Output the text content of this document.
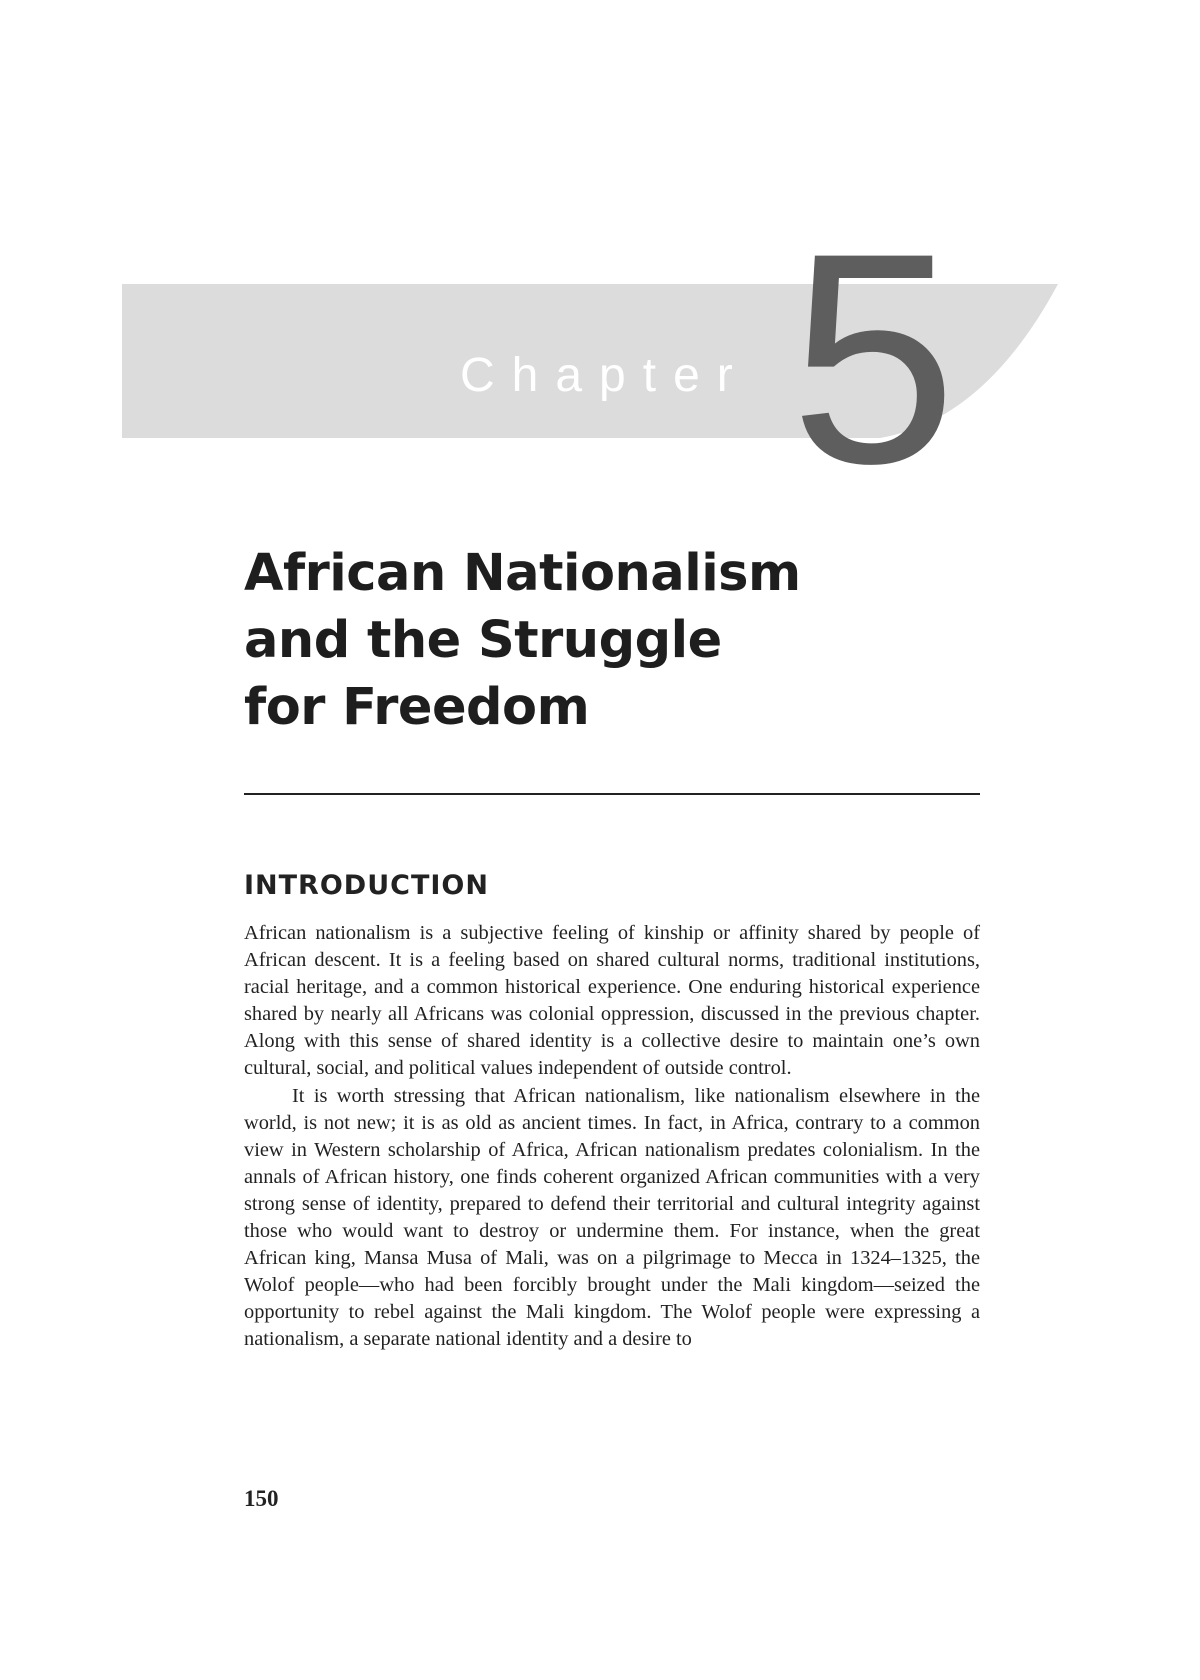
Chapter 5
African Nationalism
and the Struggle
for Freedom
INTRODUCTION

African nationalism is a subjective feeling of kinship or affinity shared by people of African descent. It is a feeling based on shared cultural norms, traditional institutions, racial heritage, and a common historical experience. One enduring historical experience shared by nearly all Africans was colonial oppression, discussed in the previous chapter. Along with this sense of shared identity is a collective desire to maintain one’s own cultural, social, and political values independent of outside control.

It is worth stressing that African nationalism, like nationalism elsewhere in the world, is not new; it is as old as ancient times. In fact, in Africa, contrary to a common view in Western scholarship of Africa, African nationalism predates colonialism. In the annals of African history, one finds coherent organized African communities with a very strong sense of identity, prepared to defend their territorial and cultural integrity against those who would want to destroy or undermine them. For instance, when the great African king, Mansa Musa of Mali, was on a pilgrimage to Mecca in 1324–1325, the Wolof people—who had been forcibly brought under the Mali kingdom—seized the opportunity to rebel against the Mali kingdom. The Wolof people were expressing a nationalism, a separate national identity and a desire to

150
